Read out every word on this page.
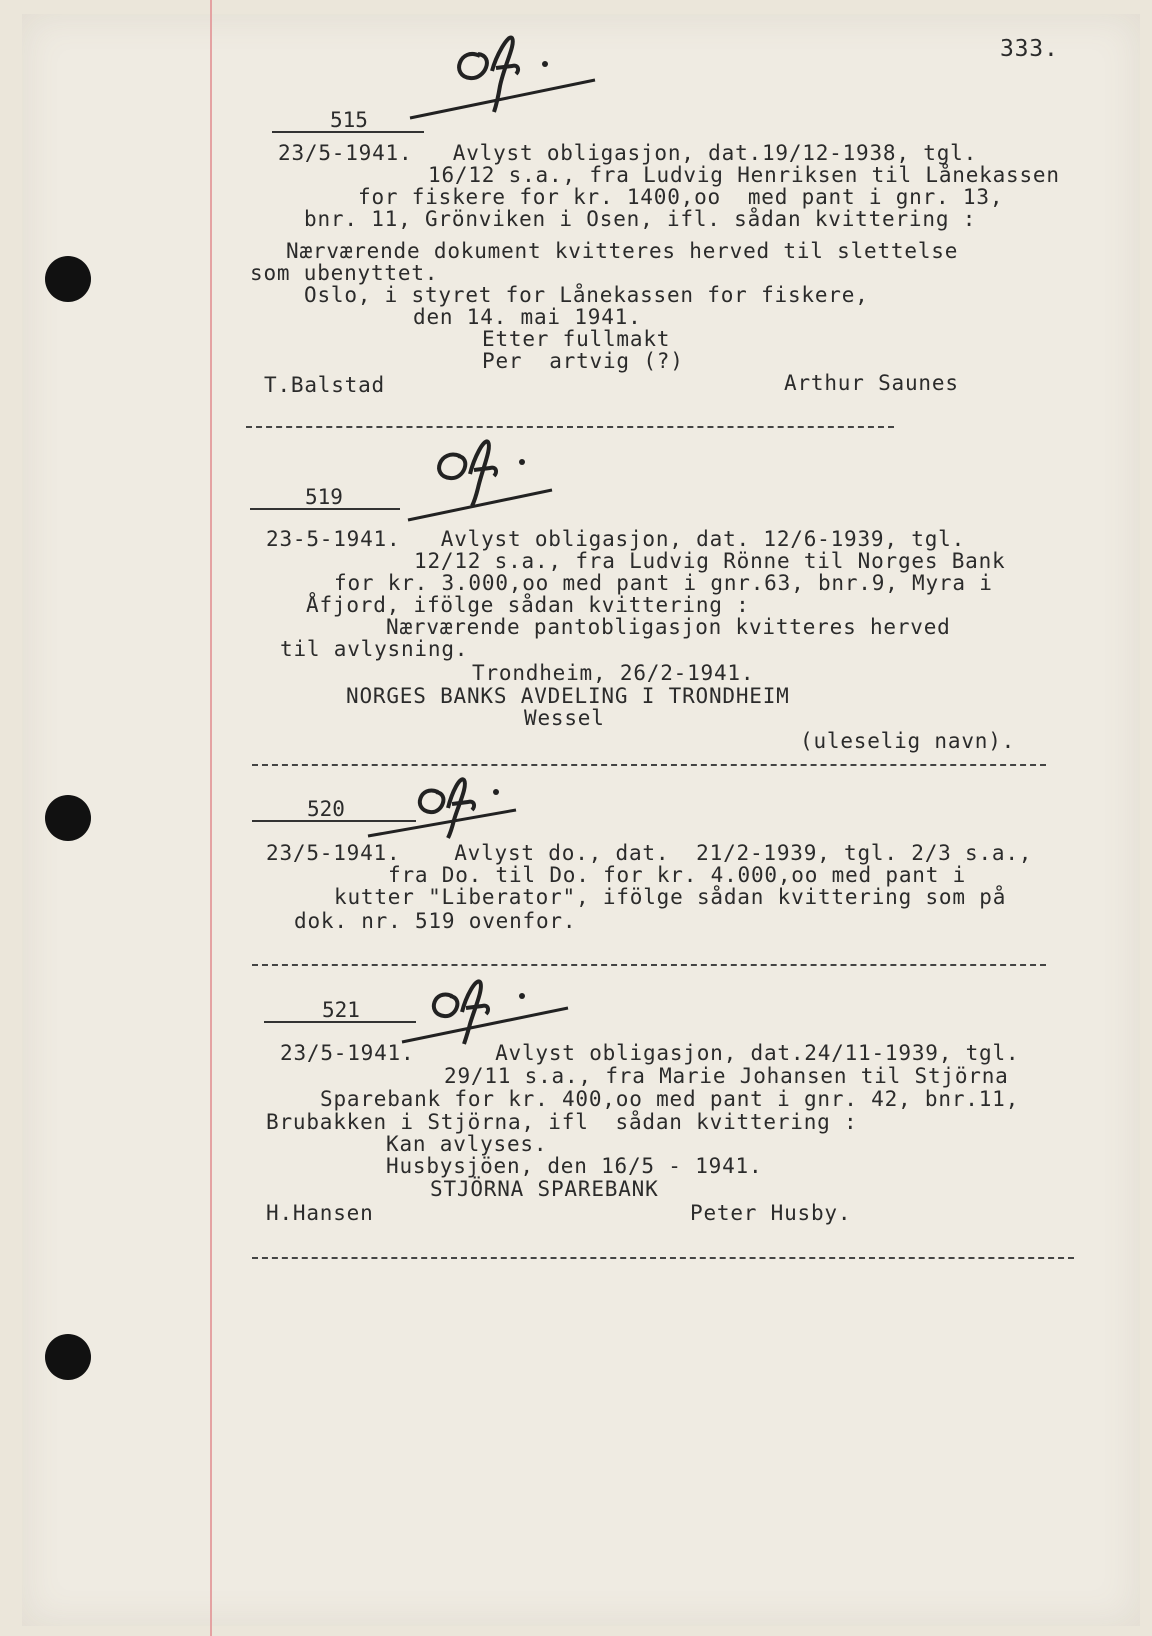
333.
515
23/5-1941.   Avlyst obligasjon, dat.19/12-1938, tgl.
16/12 s.a., fra Ludvig Henriksen til Lånekassen
for fiskere for kr. 1400,oo  med pant i gnr. 13,
bnr. 11, Grönviken i Osen, ifl. sådan kvittering :
Nærværende dokument kvitteres herved til slettelse
som ubenyttet.
Oslo, i styret for Lånekassen for fiskere,
den 14. mai 1941.
Etter fullmakt
Per  artvig (?)
T.Balstad	Arthur Saunes
519
23-5-1941.   Avlyst obligasjon, dat. 12/6-1939, tgl.
12/12 s.a., fra Ludvig Rönne til Norges Bank
for kr. 3.000,oo med pant i gnr.63, bnr.9, Myra i
Åfjord, ifölge sådan kvittering :
Nærværende pantobligasjon kvitteres herved
til avlysning.
Trondheim, 26/2-1941.
NORGES BANKS AVDELING I TRONDHEIM
Wessel
(uleselig navn).
520
23/5-1941.    Avlyst do., dat.  21/2-1939, tgl. 2/3 s.a.,
fra Do. til Do. for kr. 4.000,oo med pant i
kutter "Liberator", ifölge sådan kvittering som på
dok. nr. 519 ovenfor.
521
23/5-1941.      Avlyst obligasjon, dat.24/11-1939, tgl.
29/11 s.a., fra Marie Johansen til Stjörna
Sparebank for kr. 400,oo med pant i gnr. 42, bnr.11,
Brubakken i Stjörna, ifl  sådan kvittering :
Kan avlyses.
Husbysjöen, den 16/5 - 1941.
STJÖRNA SPAREBANK
H.Hansen	Peter Husby.
